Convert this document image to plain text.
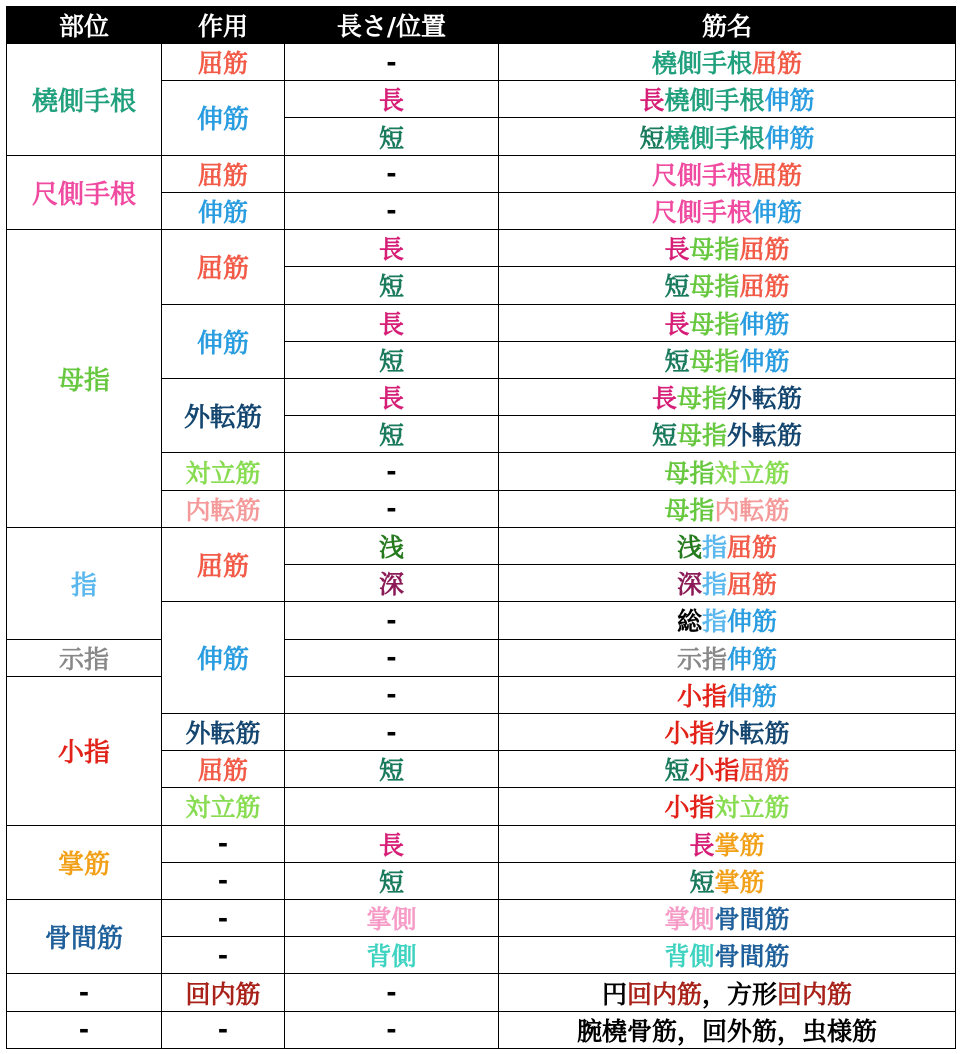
部位	作用	長さ/位置	筋名
橈側手根	屈筋	-	橈側手根屈筋
	伸筋	長	長橈側手根伸筋
		短	短橈側手根伸筋
尺側手根	屈筋	-	尺側手根屈筋
	伸筋	-	尺側手根伸筋
母指	屈筋	長	長母指屈筋
		短	短母指屈筋
	伸筋	長	長母指伸筋
		短	短母指伸筋
	外転筋	長	長母指外転筋
		短	短母指外転筋
	対立筋	-	母指対立筋
	内転筋	-	母指内転筋
指	屈筋	浅	浅指屈筋
		深	深指屈筋
	伸筋	-	総指伸筋
示指		-	示指伸筋
小指		-	小指伸筋
	外転筋	-	小指外転筋
	屈筋	短	短小指屈筋
	対立筋		小指対立筋
掌筋	-	長	長掌筋
	-	短	短掌筋
骨間筋	-	掌側	掌側骨間筋
	-	背側	背側骨間筋
-	回内筋	-	円回内筋，方形回内筋
-	-	-	腕橈骨筋，回外筋，虫様筋
